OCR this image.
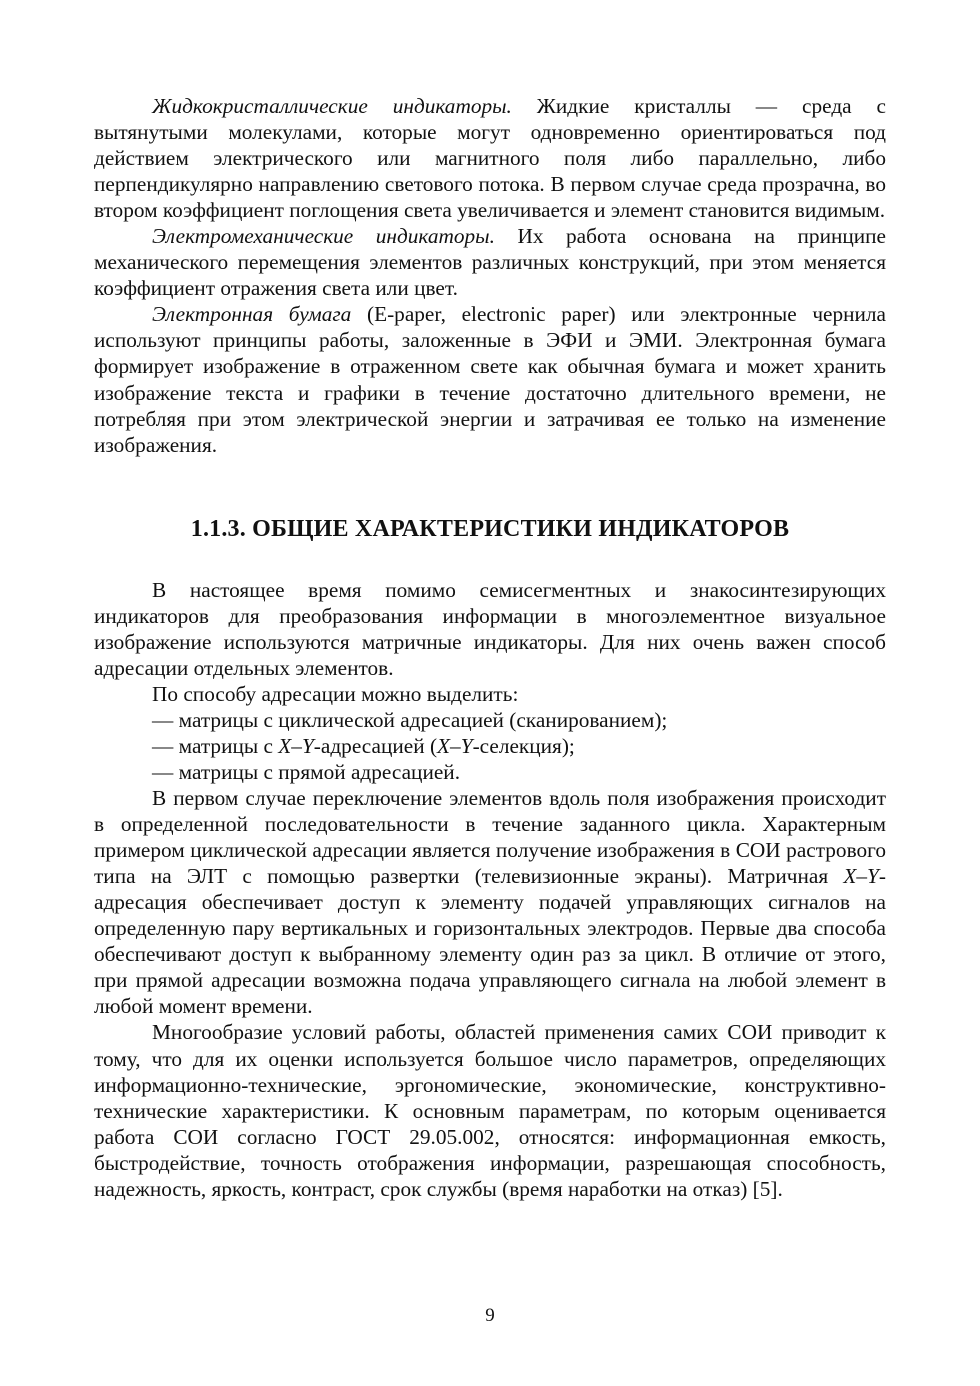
Жидкокристаллические индикаторы. Жидкие кристаллы — среда с вытянутыми молекулами, которые могут одновременно ориентироваться под действием электрического или магнитного поля либо параллельно, либо перпендикулярно направлению светового потока. В первом случае среда прозрачна, во втором коэффициент поглощения света увеличивается и элемент становится видимым.

Электромеханические индикаторы. Их работа основана на принципе механического перемещения элементов различных конструкций, при этом меняется коэффициент отражения света или цвет.

Электронная бумага (E-paper, electronic paper) или электронные чернила используют принципы работы, заложенные в ЭФИ и ЭМИ. Электронная бумага формирует изображение в отраженном свете как обычная бумага и может хранить изображение текста и графики в течение достаточно длительного времени, не потребляя при этом электрической энергии и затрачивая ее только на изменение изображения.

1.1.3. ОБЩИЕ ХАРАКТЕРИСТИКИ ИНДИКАТОРОВ

В настоящее время помимо семисегментных и знакосинтезирующих индикаторов для преобразования информации в многоэлементное визуальное изображение используются матричные индикаторы. Для них очень важен способ адресации отдельных элементов.

По способу адресации можно выделить:

— матрицы с циклической адресацией (сканированием);

— матрицы с X–Y-адресацией (X–Y-селекция);

— матрицы с прямой адресацией.

В первом случае переключение элементов вдоль поля изображения происходит в определенной последовательности в течение заданного цикла. Характерным примером циклической адресации является получение изображения в СОИ растрового типа на ЭЛТ с помощью развертки (телевизионные экраны). Матричная X–Y-адресация обеспечивает доступ к элементу подачей управляющих сигналов на определенную пару вертикальных и горизонтальных электродов. Первые два способа обеспечивают доступ к выбранному элементу один раз за цикл. В отличие от этого, при прямой адресации возможна подача управляющего сигнала на любой элемент в любой момент времени.

Многообразие условий работы, областей применения самих СОИ приводит к тому, что для их оценки используется большое число параметров, определяющих информационно-технические, эргономические, экономические, конструктивно-технические характеристики. К основным параметрам, по которым оценивается работа СОИ согласно ГОСТ 29.05.002, относятся: информационная емкость, быстродействие, точность отображения информации, разрешающая способность, надежность, яркость, контраст, срок службы (время наработки на отказ) [5].

9
